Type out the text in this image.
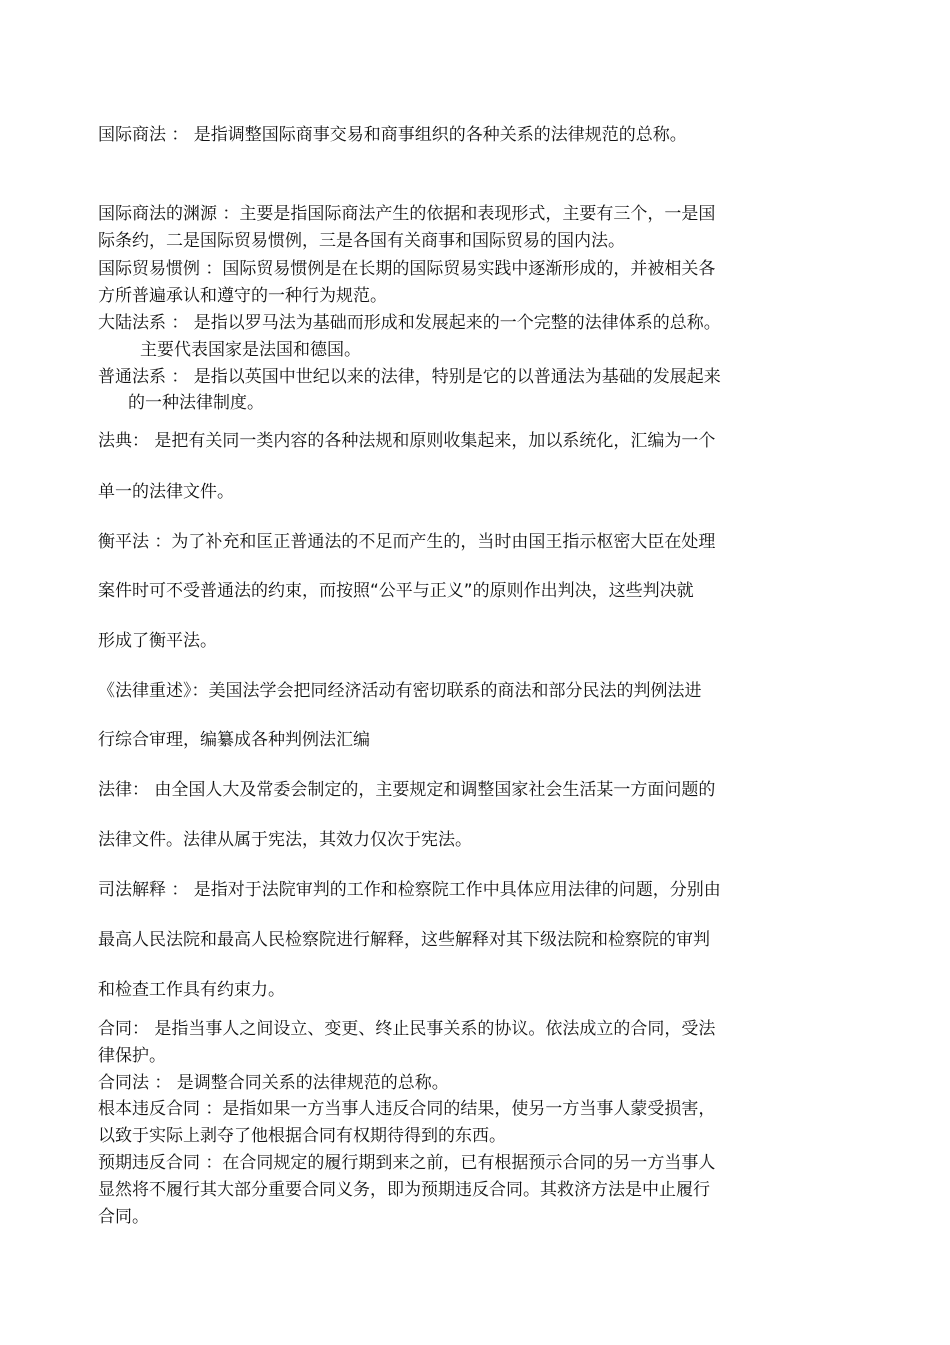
国际商法 ： 是指调整国际商事交易和商事组织的各种关系的法律规范的总称。
国际商法的渊源 ：主要是指国际商法产生的依据和表现形式，主要有三个，一是国
际条约，二是国际贸易惯例，三是各国有关商事和国际贸易的国内法。
国际贸易惯例 ：国际贸易惯例是在长期的国际贸易实践中逐渐形成的，并被相关各
方所普遍承认和遵守的一种行为规范。
大陆法系 ： 是指以罗马法为基础而形成和发展起来的一个完整的法律体系的总称。
主要代表国家是法国和德国。
普通法系 ： 是指以英国中世纪以来的法律，特别是它的以普通法为基础的发展起来
的一种法律制度。
法典： 是把有关同一类内容的各种法规和原则收集起来，加以系统化，汇编为一个
单一的法律文件。
衡平法 ：为了补充和匡正普通法的不足而产生的，当时由国王指示枢密大臣在处理
案件时可不受普通法的约束，而按照“公平与正义”的原则作出判决，这些判决就
形成了衡平法。
《法律重述》：美国法学会把同经济活动有密切联系的商法和部分民法的判例法进
行综合审理，编纂成各种判例法汇编
法律： 由全国人大及常委会制定的，主要规定和调整国家社会生活某一方面问题的
法律文件。法律从属于宪法，其效力仅次于宪法。
司法解释 ： 是指对于法院审判的工作和检察院工作中具体应用法律的问题，分别由
最高人民法院和最高人民检察院进行解释，这些解释对其下级法院和检察院的审判
和检查工作具有约束力。
合同： 是指当事人之间设立、变更、终止民事关系的协议。依法成立的合同，受法
律保护。
合同法 ： 是调整合同关系的法律规范的总称。
根本违反合同 ：是指如果一方当事人违反合同的结果，使另一方当事人蒙受损害，
以致于实际上剥夺了他根据合同有权期待得到的东西。
预期违反合同 ：在合同规定的履行期到来之前，已有根据预示合同的另一方当事人
显然将不履行其大部分重要合同义务，即为预期违反合同。其救济方法是中止履行
合同。
